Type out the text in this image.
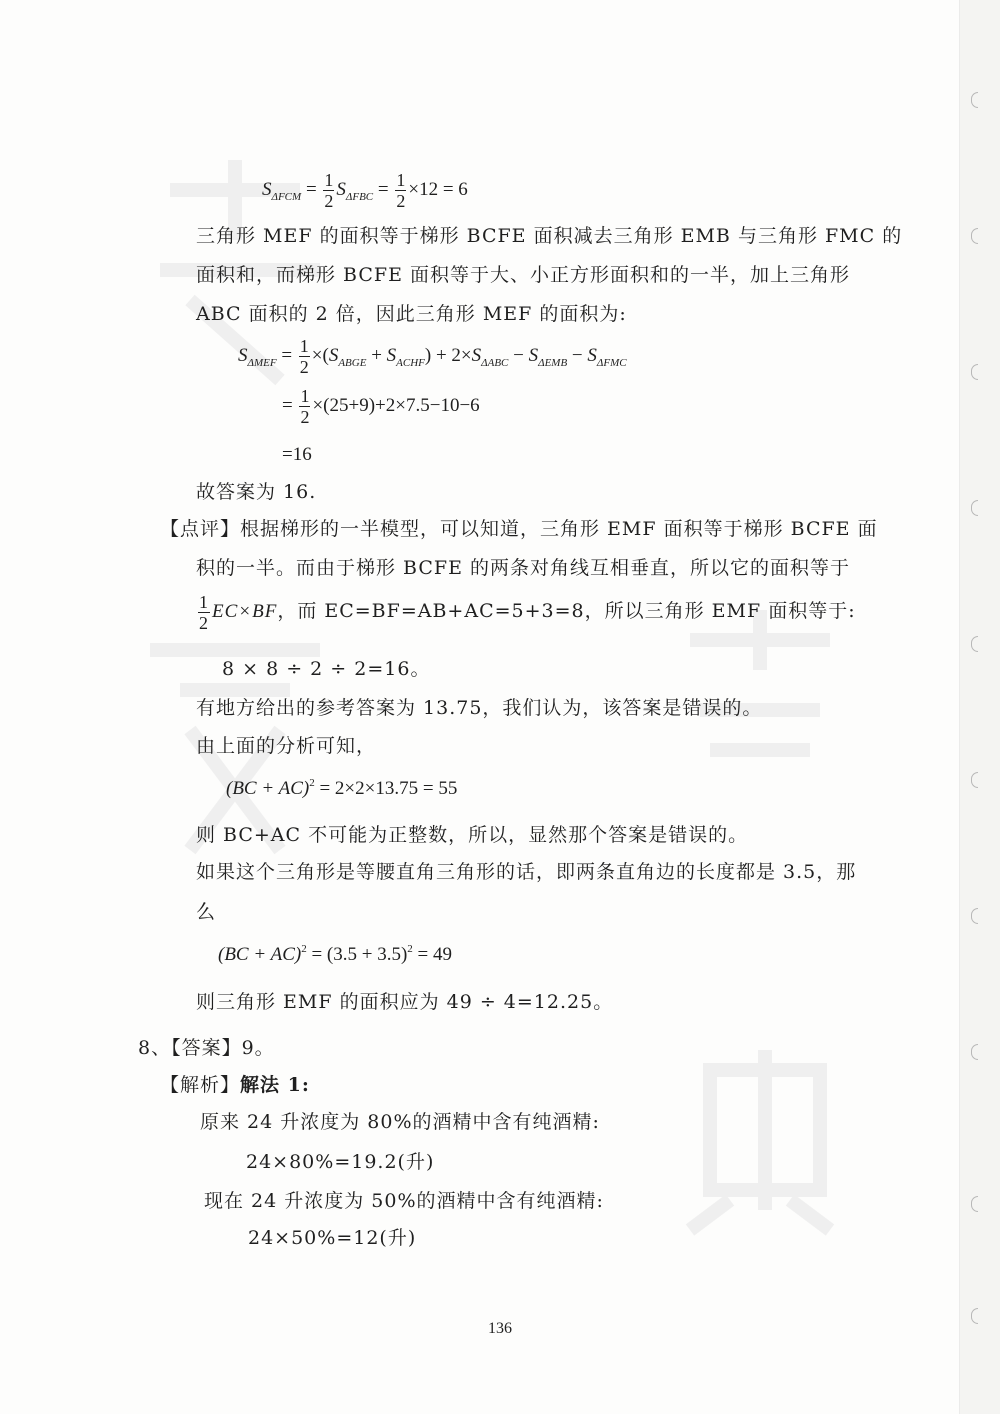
$S_{\Delta FCM} = \frac{1}{2} S_{\Delta FBC} = \frac{1}{2} \times 12 = 6$
三角形 MEF 的面积等于梯形 BCFE 面积减去三角形 EMB 与三角形 FMC 的
面积和，而梯形 BCFE 面积等于大、小正方形面积和的一半，加上三角形
ABC 面积的 2 倍，因此三角形 MEF 的面积为:
$S_{\Delta MEF} = \frac{1}{2} \times(S_{ABGE} + S_{ACHF}) + 2\times S_{\Delta ABC} - S_{\Delta EMB} - S_{\Delta FMC}$
= $\frac{1}{2} \times(25+9)+2\times 7.5-10-6$
=16
故答案为 16.
【点评】根据梯形的一半模型，可以知道，三角形 EMF 面积等于梯形 BCFE 面
积的一半。而由于梯形 BCFE 的两条对角线互相垂直，所以它的面积等于
$\frac{1}{2} EC\times BF$，而 EC=BF=AB+AC=5+3=8，所以三角形 EMF 面积等于:
8 × 8 ÷ 2 ÷ 2=16。
有地方给出的参考答案为 13.75，我们认为，该答案是错误的。
由上面的分析可知，
(BC + AC)$^2$ = 2×2×13.75 = 55
则 BC+AC 不可能为正整数，所以，显然那个答案是错误的。
如果这个三角形是等腰直角三角形的话，即两条直角边的长度都是 3.5，那
么
$(BC + AC)^2 = (3.5 + 3.5)^2 = 49$
则三角形 EMF 的面积应为 49 ÷ 4=12.25。
8、【答案】9。
【解析】解法 1:
原来 24 升浓度为 80%的酒精中含有纯酒精:
24×80%=19.2(升)
现在 24 升浓度为 50%的酒精中含有纯酒精:
24×50%=12(升)
136
